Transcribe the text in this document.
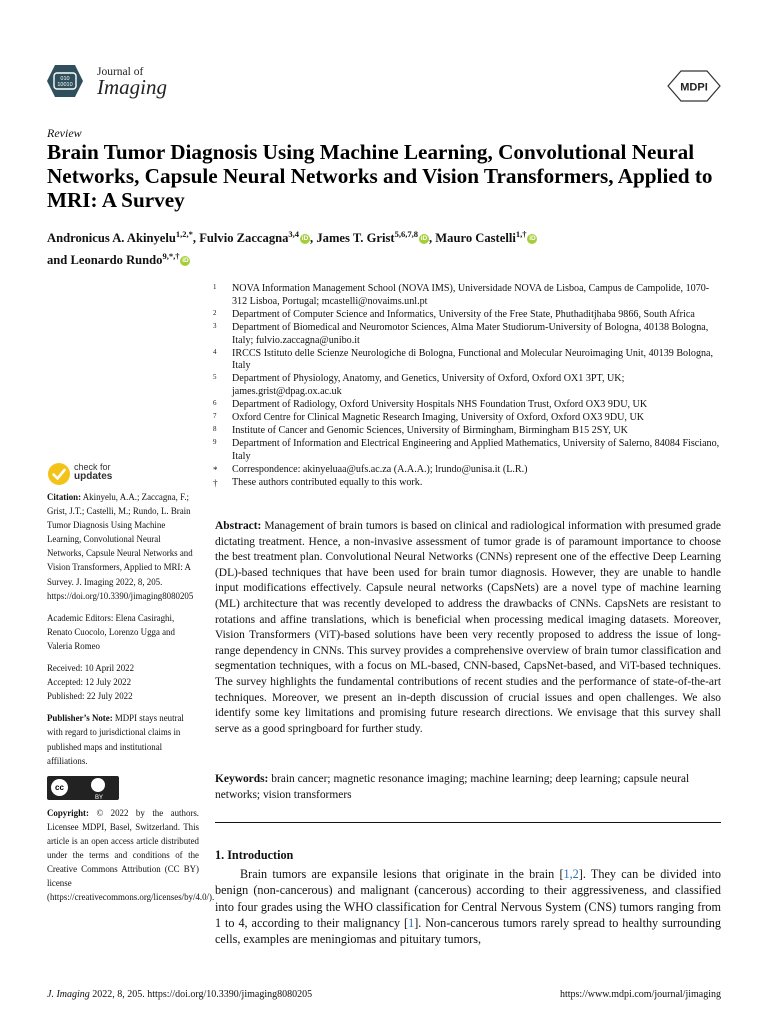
010
10010
Journal of
Imaging	MDPI
Review
Brain Tumor Diagnosis Using Machine Learning, Convolutional Neural Networks, Capsule Neural Networks and Vision Transformers, Applied to MRI: A Survey
Andronicus A. Akinyelu$^{1,2,*}$, Fulvio Zaccagna$^{3,4}$ iD , James T. Grist$^{5,6,7,8}$ iD , Mauro Castelli$^{1,\dagger}$ iD
and Leonardo Rundo$^{9,*,\dagger}$ iD
1 NOVA Information Management School (NOVA IMS), Universidade NOVA de Lisboa, Campus de Campolide, 1070-312 Lisboa, Portugal; mcastelli@novaims.unl.pt
2 Department of Computer Science and Informatics, University of the Free State, Phuthaditjhaba 9866, South Africa
3 Department of Biomedical and Neuromotor Sciences, Alma Mater Studiorum-University of Bologna, 40138 Bologna, Italy; fulvio.zaccagna@unibo.it
4 IRCCS Istituto delle Scienze Neurologiche di Bologna, Functional and Molecular Neuroimaging Unit, 40139 Bologna, Italy
5 Department of Physiology, Anatomy, and Genetics, University of Oxford, Oxford OX1 3PT, UK; james.grist@dpag.ox.ac.uk
6 Department of Radiology, Oxford University Hospitals NHS Foundation Trust, Oxford OX3 9DU, UK
7 Oxford Centre for Clinical Magnetic Research Imaging, University of Oxford, Oxford OX3 9DU, UK
8 Institute of Cancer and Genomic Sciences, University of Birmingham, Birmingham B15 2SY, UK
9 Department of Information and Electrical Engineering and Applied Mathematics, University of Salerno, 84084 Fisciano, Italy
* Correspondence: akinyeluaa@ufs.ac.za (A.A.A.); lrundo@unisa.it (L.R.)
† These authors contributed equally to this work.
check for
updates
Citation: Akinyelu, A.A.; Zaccagna, F.; Grist, J.T.; Castelli, M.; Rundo, L. Brain Tumor Diagnosis Using Machine Learning, Convolutional Neural Networks, Capsule Neural Networks and Vision Transformers, Applied to MRI: A Survey. J. Imaging 2022, 8, 205. https://doi.org/10.3390/jimaging8080205
Academic Editors: Elena Casiraghi, Renato Cuocolo, Lorenzo Ugga and Valeria Romeo
Received: 10 April 2022
Accepted: 12 July 2022
Published: 22 July 2022
Publisher’s Note: MDPI stays neutral with regard to jurisdictional claims in published maps and institutional affiliations.
cc
BY
Copyright: © 2022 by the authors. Licensee MDPI, Basel, Switzerland. This article is an open access article distributed under the terms and conditions of the Creative Commons Attribution (CC BY) license (https://creativecommons.org/licenses/by/4.0/).
Abstract: Management of brain tumors is based on clinical and radiological information with presumed grade dictating treatment. Hence, a non-invasive assessment of tumor grade is of paramount importance to choose the best treatment plan. Convolutional Neural Networks (CNNs) represent one of the effective Deep Learning (DL)-based techniques that have been used for brain tumor diagnosis. However, they are unable to handle input modifications effectively. Capsule neural networks (CapsNets) are a novel type of machine learning (ML) architecture that was recently developed to address the drawbacks of CNNs. CapsNets are resistant to rotations and affine translations, which is beneficial when processing medical imaging datasets. Moreover, Vision Transformers (ViT)-based solutions have been very recently proposed to address the issue of long-range dependency in CNNs. This survey provides a comprehensive overview of brain tumor classification and segmentation techniques, with a focus on ML-based, CNN-based, CapsNet-based, and ViT-based techniques. The survey highlights the fundamental contributions of recent studies and the performance of state-of-the-art techniques. Moreover, we present an in-depth discussion of crucial issues and open challenges. We also identify some key limitations and promising future research directions. We envisage that this survey shall serve as a good springboard for further study.
Keywords: brain cancer; magnetic resonance imaging; machine learning; deep learning; capsule neural networks; vision transformers
1. Introduction
Brain tumors are expansile lesions that originate in the brain [1,2]. They can be divided into benign (non-cancerous) and malignant (cancerous) according to their aggressiveness, and classified into four grades using the WHO classification for Central Nervous System (CNS) tumors ranging from 1 to 4, according to their malignancy [1]. Non-cancerous tumors rarely spread to healthy surrounding cells, examples are meningiomas and pituitary tumors,
J. Imaging 2022, 8, 205. https://doi.org/10.3390/jimaging8080205	https://www.mdpi.com/journal/jimaging
